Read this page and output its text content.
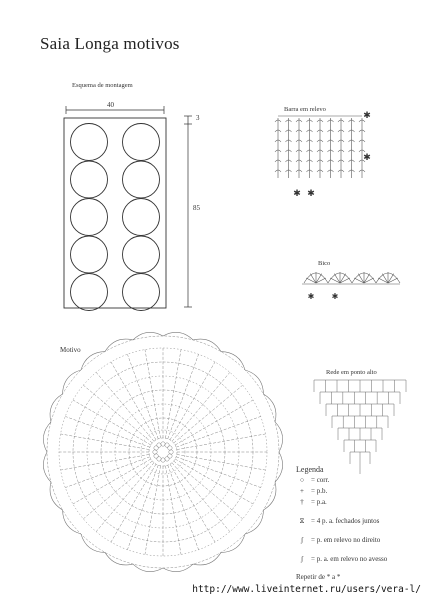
Saia Longa motivos
Esquema de montagem
40
3
85
✱ ✱
✱
✱
✱ ✱
Barra em relevo
Bico
Motivo
Rede em ponto alto
Legenda
○ = corr.
+	= p.b.
†	= p.a.
⧖ = 4 p. a. fechados juntos
ʃ	= p. em relevo no direito
ʃ	= p. a. em relevo no avesso
Repetir de * a *
http://www.liveinternet.ru/users/vera-l/
